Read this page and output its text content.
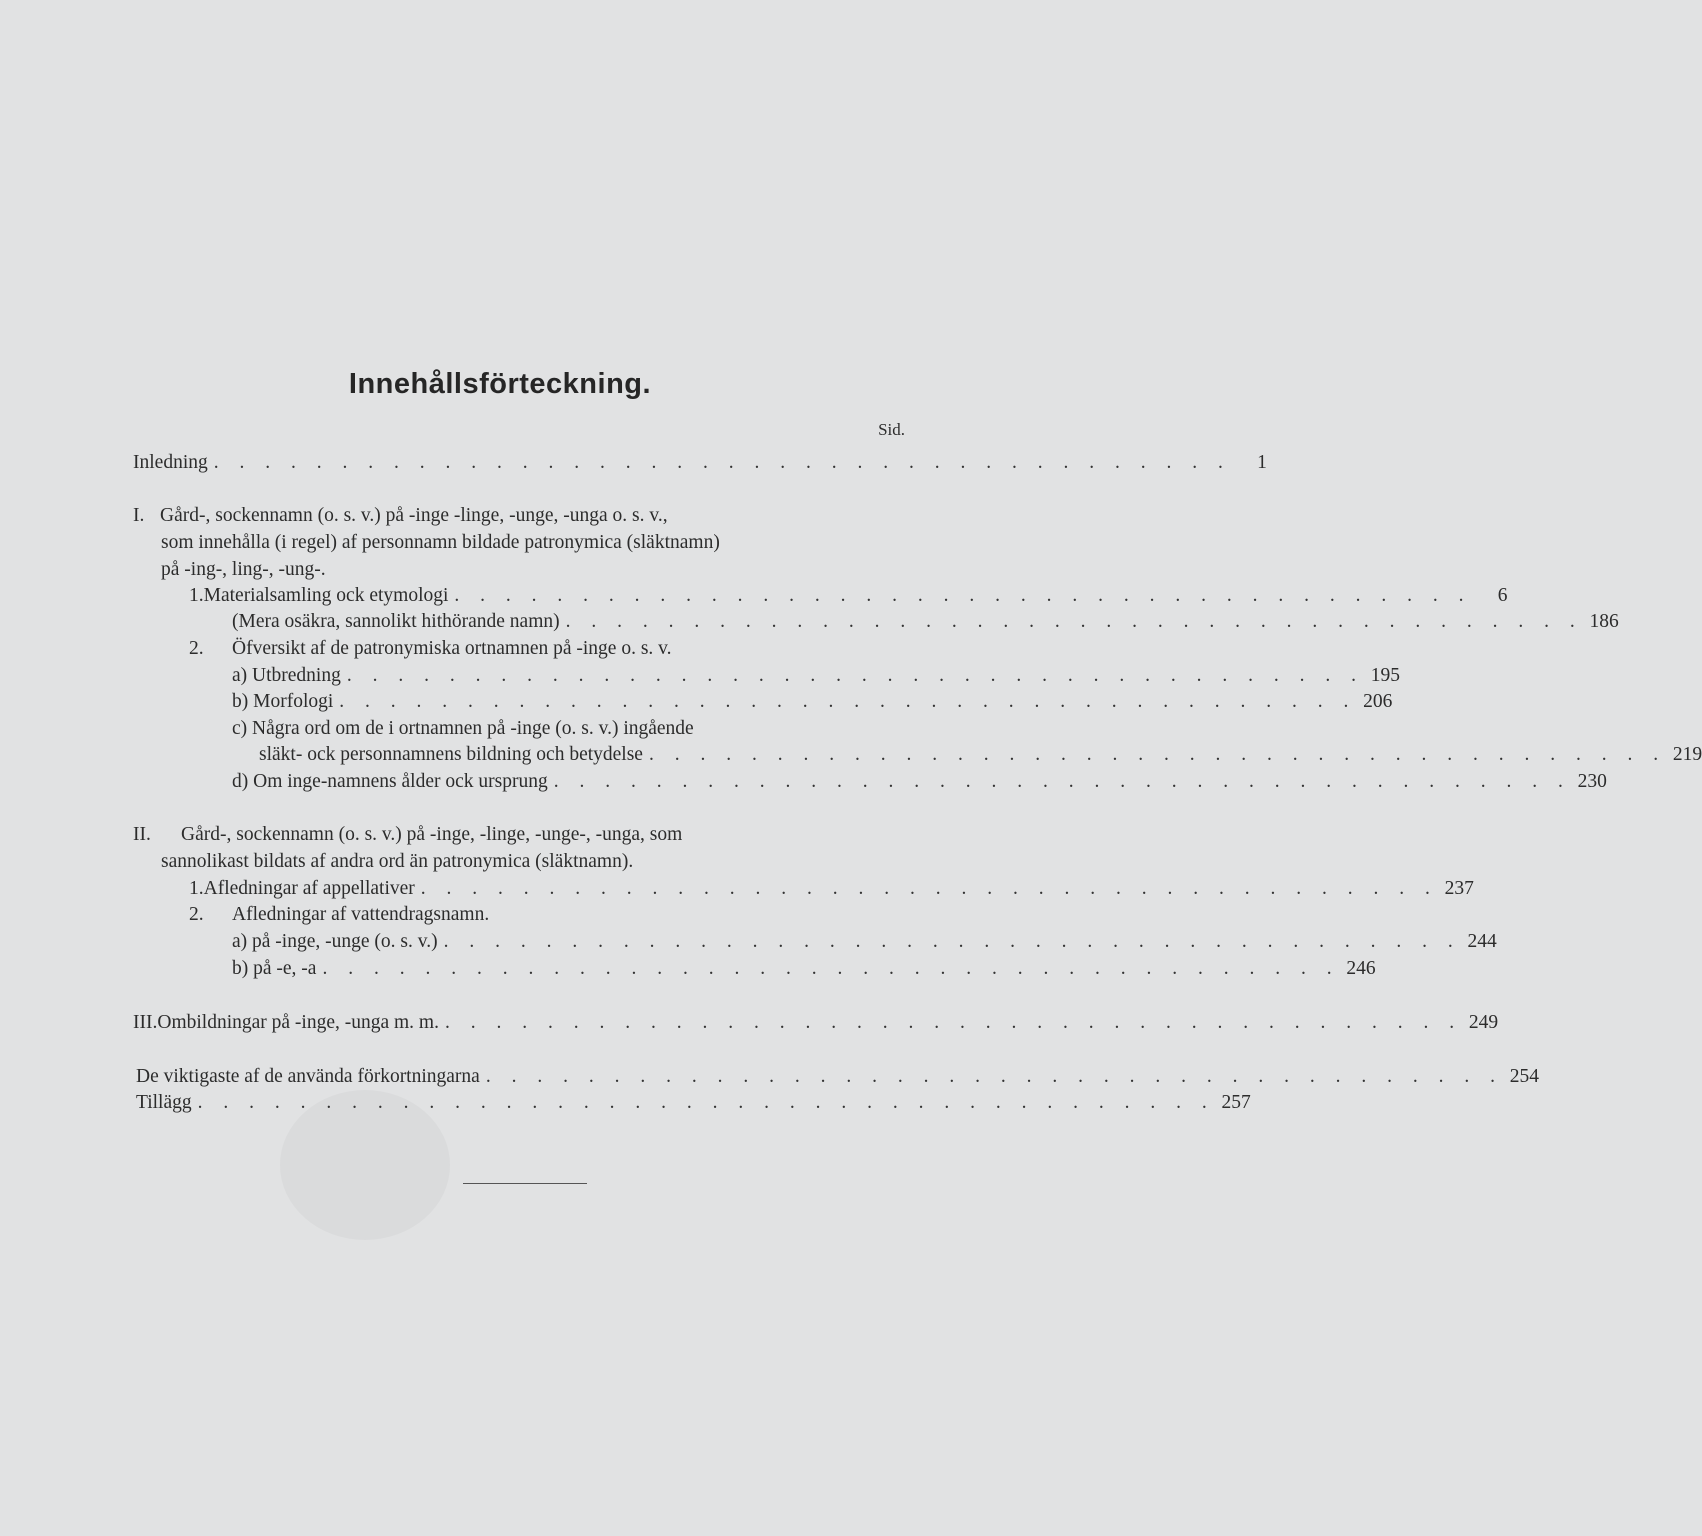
Innehållsförteckning.
Sid.
Inledning . . . . . . . . . . . . . . . . . . . . . . . . . . . . . . . . . . . . . . . .	1
I. Gård-, sockennamn (o. s. v.) på -inge -linge, -unge, -unga o. s. v.,
som innehålla (i regel) af personnamn bildade patronymica (släktnamn)
på -ing-, ling-, -ung-.
1. Materialsamling ock etymologi . . . . . . . . . . . . . . . . . . . . . . . . . . . . . . . . . . . . . . . .	6
(Mera osäkra, sannolikt hithörande namn) . . . . . . . . . . . . . . . . . . . . . . . . . . . . . . . . . . . . . . . . 186
2.	Öfversikt af de patronymiska ortnamnen på -inge o. s. v.
a) Utbredning . . . . . . . . . . . . . . . . . . . . . . . . . . . . . . . . . . . . . . . . 195
b) Morfologi . . . . . . . . . . . . . . . . . . . . . . . . . . . . . . . . . . . . . . . . 206
c) Några ord om de i ortnamnen på -inge (o. s. v.) ingående
släkt- ock personnamnens bildning och betydelse . . . . . . . . . . . . . . . . . . . . . . . . . . . . . . . . . . . . . . . . 219
d) Om inge-namnens ålder ock ursprung . . . . . . . . . . . . . . . . . . . . . . . . . . . . . . . . . . . . . . . . 230
II.	Gård-, sockennamn (o. s. v.) på -inge, -linge, -unge-, -unga, som
sannolikast bildats af andra ord än patronymica (släktnamn).
1. Afledningar af appellativer . . . . . . . . . . . . . . . . . . . . . . . . . . . . . . . . . . . . . . . . 237
2.	Afledningar af vattendragsnamn.
a) på -inge, -unge (o. s. v.) . . . . . . . . . . . . . . . . . . . . . . . . . . . . . . . . . . . . . . . . 244
b) på -e, -a . . . . . . . . . . . . . . . . . . . . . . . . . . . . . . . . . . . . . . . . 246
III. Ombildningar på -inge, -unga m. m. . . . . . . . . . . . . . . . . . . . . . . . . . . . . . . . . . . . . . . . . 249
De viktigaste af de använda förkortningarna . . . . . . . . . . . . . . . . . . . . . . . . . . . . . . . . . . . . . . . . 254
Tillägg . . . . . . . . . . . . . . . . . . . . . . . . . . . . . . . . . . . . . . . . 257
